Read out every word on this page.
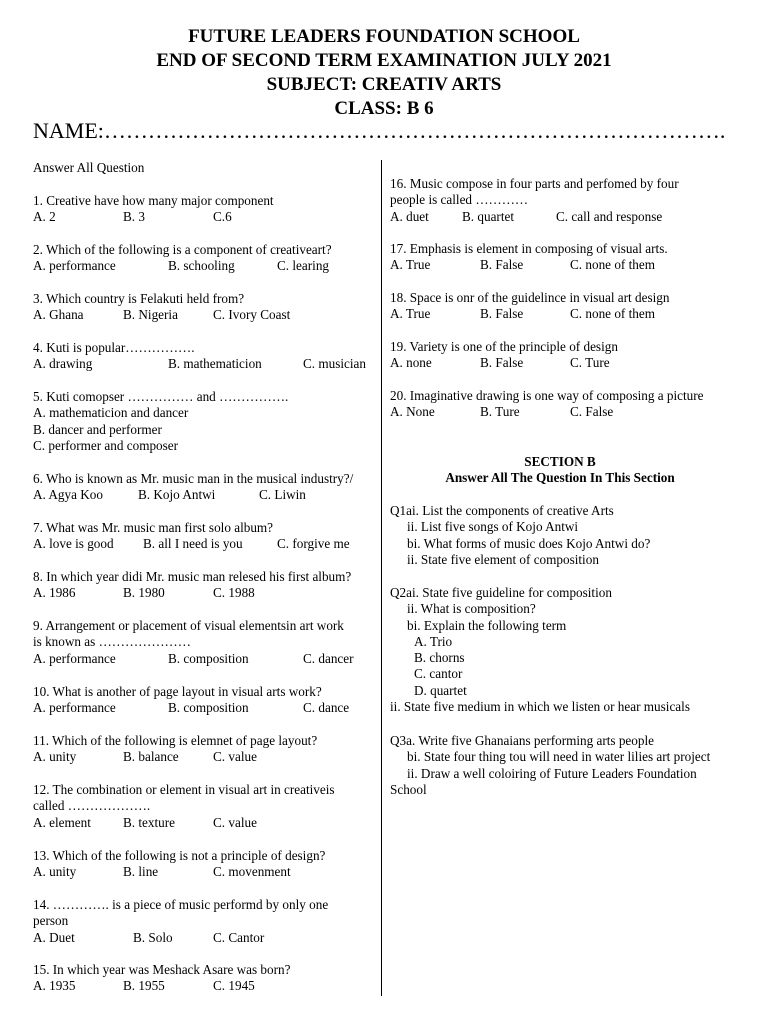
FUTURE LEADERS FOUNDATION SCHOOL
END OF SECOND TERM EXAMINATION JULY 2021
SUBJECT: CREATIV ARTS
CLASS: B 6
NAME:………………………………………………………………………….
Answer All Question
1. Creative have how many major component
A. 2	B. 3	C.6
2. Which of the following is a component of creativeart?
A. performance	B. schooling	C. learing
3. Which country is Felakuti held from?
A. Ghana	B. Nigeria	C. Ivory Coast
4. Kuti is popular…………….
A. drawing	B. mathematicion	C. musician
5. Kuti comopser …………… and …………….
A. mathematicion and dancer
B. dancer and performer
C. performer and composer
6. Who is known as Mr. music man in the musical industry?/
A. Agya Koo	B. Kojo Antwi	C. Liwin
7. What was Mr. music man first solo album?
A. love is good B. all I need is you	C. forgive me
8. In which year didi Mr. music man relesed his first album?
A. 1986	B. 1980	C. 1988
9. Arrangement or placement of visual elementsin art work
is known as …………………
A. performance	B. composition	C. dancer
10. What is another of page layout in visual arts work?
A. performance	B. composition	C. dance
11. Which of the following is elemnet of page layout?
A. unity	B. balance	C. value
12. The combination or element in visual art in creativeis
called ……………….
A. element B. texture	C. value
13. Which of the following is not a principle of design?
A. unity	B. line	C. movenment
14. …………. is a piece of music performd by only one
person
A. Duet	B. Solo	C. Cantor
15. In which year was Meshack Asare was born?
A. 1935	B. 1955	C. 1945
16. Music compose in four parts and perfomed by four
people is called …………
A. duet	B. quartet	C. call and response
17. Emphasis is element in composing of visual arts.
A. True	B. False	C. none of them
18. Space is onr of the guidelince in visual art design
A. True	B. False	C. none of them
19. Variety is one of the principle of design
A. none	B. False	C. Ture
20. Imaginative drawing is one way of composing a picture
A. None	B. Ture	C. False
SECTION B
Answer All The Question In This Section
Q1ai. List the components of creative Arts
ii. List five songs of Kojo Antwi
bi. What forms of music does Kojo Antwi do?
ii. State five element of composition
Q2ai. State five guideline for composition
ii. What is composition?
bi. Explain the following term
A. Trio
B. chorns
C. cantor
D. quartet
ii. State five medium in which we listen or hear musicals
Q3a. Write five Ghanaians performing arts people
bi. State four thing tou will need in water lilies art project
ii. Draw a well coloiring of Future Leaders Foundation
School
